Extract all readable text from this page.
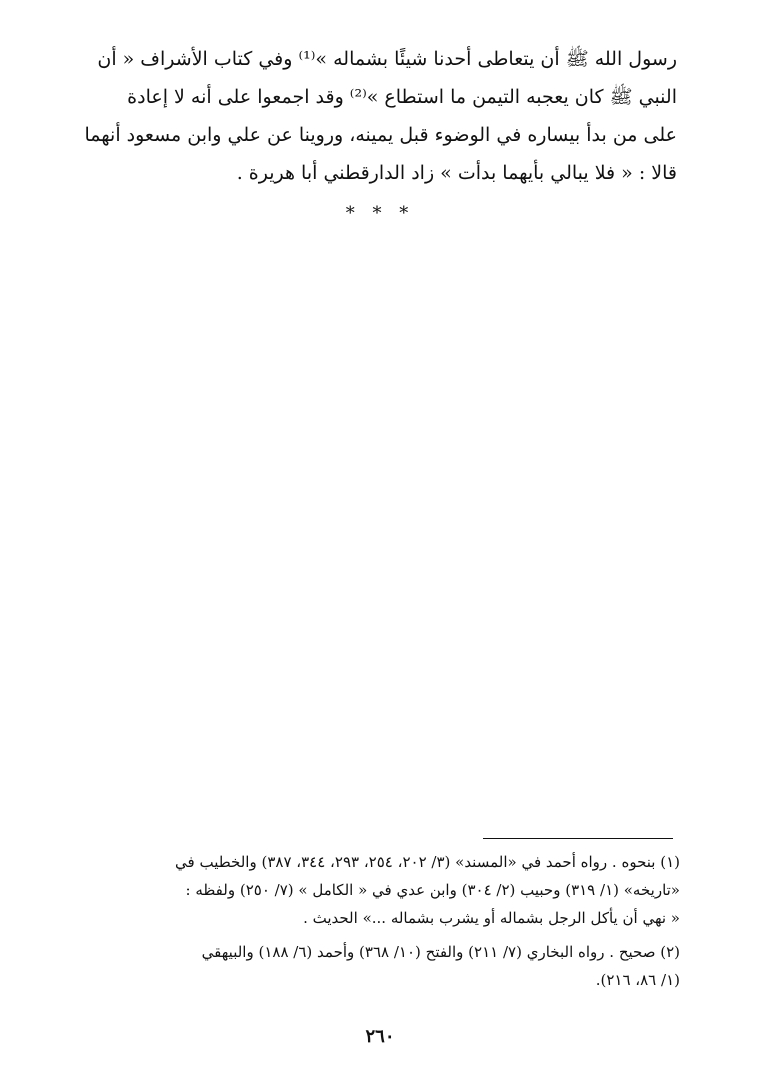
رسول الله ﷺ أن يتعاطى أحدنا شيئًا بشماله »⁽¹⁾ وفي كتاب الأشراف « أن
النبي ﷺ كان يعجبه التيمن ما استطاع »⁽²⁾ وقد اجمعوا على أنه لا إعادة
على من بدأ بيساره في الوضوء قبل يمينه، وروينا عن علي وابن مسعود أنهما
قالا : « فلا يبالي بأيهما بدأت » زاد الدارقطني أبا هريرة .
* * *
(١) بنحوه . رواه أحمد في «المسند» (٣/ ٢٠٢، ٢٥٤، ٢٩٣، ٣٤٤، ٣٨٧) والخطيب في
«تاريخه» (١/ ٣١٩) وحبيب (٢/ ٣٠٤) وابن عدي في « الكامل » (٧/ ٢٥٠) ولفظه :
« نهي أن يأكل الرجل بشماله أو يشرب بشماله ...» الحديث .
(٢) صحيح . رواه البخاري (٧/ ٢١١) والفتح (١٠/ ٣٦٨) وأحمد (٦/ ١٨٨) والبيهقي
(١/ ٨٦، ٢١٦).
٢٦٠
